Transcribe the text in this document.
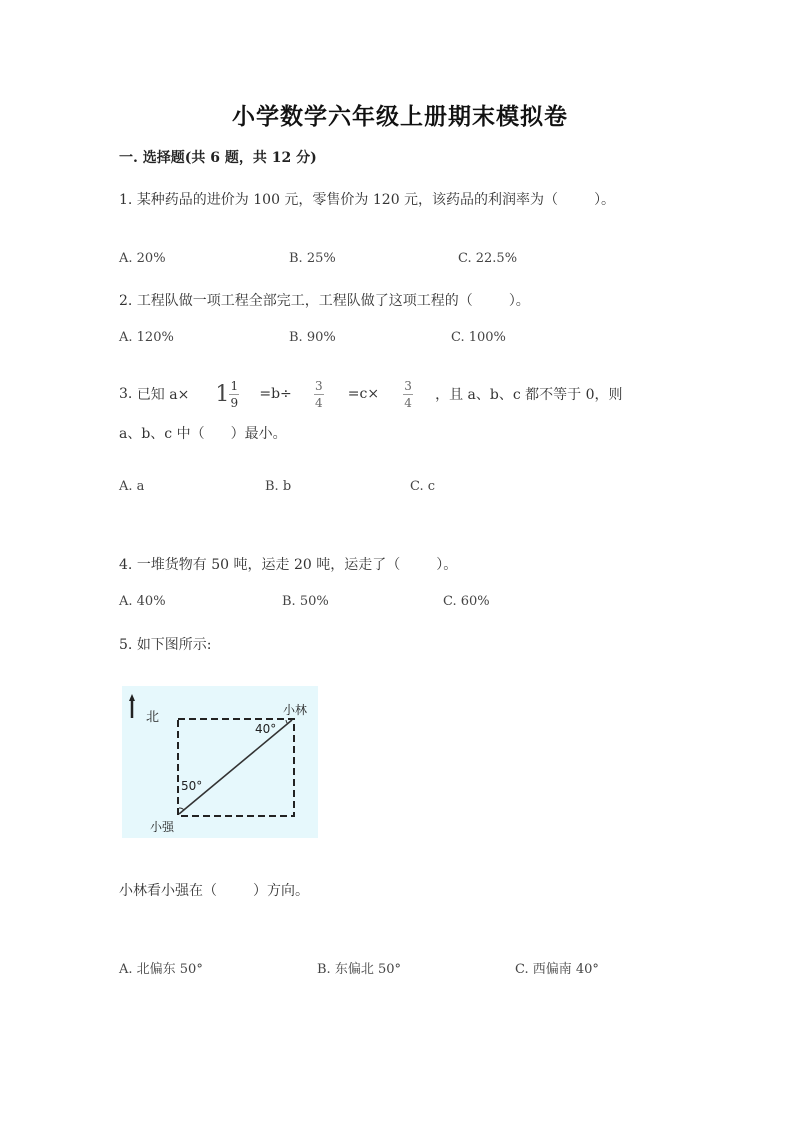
小学数学六年级上册期末模拟卷
一. 选择题(共 6 题，共 12 分)
1. 某种药品的进价为 100 元，零售价为 120 元，该药品的利润率为（	）。
A. 20%	B. 25%	C. 22.5%
2. 工程队做一项工程全部完工，工程队做了这项工程的（	）。
A. 120%	B. 90%	C. 100%
3.
已知 $a\times 1 \frac{1}{9} =b\div \frac{3}{4} =c\times \frac{3}{4}$ ，且 a、b、c 都不等于 0，则
a、b、c 中（ ）最小。
A. a	B. b	C. c
4. 一堆货物有 50 吨，运走 20 吨，运走了（	）。
A. 40%	B. 50%	C. 60%
5. 如下图所示:
北	小林
40°
50°
小强
小林看小强在（	）方向。
A. 北偏东 50°	B. 东偏北 50°	C. 西偏南 40°
